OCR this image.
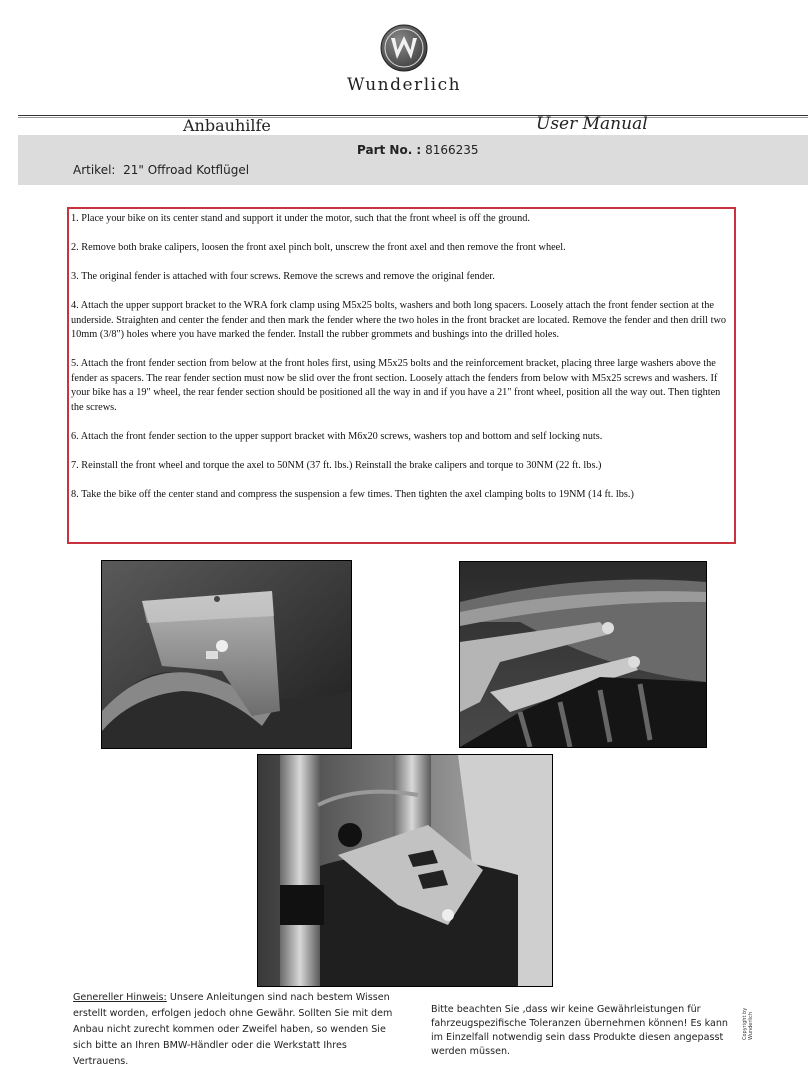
Wunderlich
Anbauhilfe	User Manual
Part No. : 8166235
Artikel: 21" Offroad Kotflügel

1. Place your bike on its center stand and support it under the motor, such that the front wheel is off the ground.

2. Remove both brake calipers, loosen the front axel pinch bolt, unscrew the front axel and then remove the front wheel.

3. The original fender is attached with four screws. Remove the screws and remove the original fender.

4. Attach the upper support bracket to the WRA fork clamp using M5x25 bolts, washers and both long spacers. Loosely attach the front fender section at the underside. Straighten and center the fender and then mark the fender where the two holes in the front bracket are located. Remove the fender and then drill two 10mm (3/8") holes where you have marked the fender. Install the rubber grommets and bushings into the drilled holes.

5. Attach the front fender section from below at the front holes first, using M5x25 bolts and the reinforcement bracket, placing three large washers above the fender as spacers. The rear fender section must now be slid over the front section. Loosely attach the fenders from below with M5x25 screws and washers. If your bike has a 19" wheel, the rear fender section should be positioned all the way in and if you have a 21" front wheel, position all the way out. Then tighten the screws.

6. Attach the front fender section to the upper support bracket with M6x20 screws, washers top and bottom and self locking nuts.

7. Reinstall the front wheel and torque the axel to 50NM (37 ft. lbs.) Reinstall the brake calipers and torque to 30NM (22 ft. lbs.)

8. Take the bike off the center stand and compress the suspension a few times. Then tighten the axel clamping bolts to 19NM (14 ft. lbs.)

Genereller Hinweis: Unsere Anleitungen sind nach bestem Wissen erstellt worden, erfolgen jedoch ohne Gewähr. Sollten Sie mit dem Anbau nicht zurecht kommen oder Zweifel haben, so wenden Sie sich bitte an Ihren BMW-Händler oder die Werkstatt Ihres Vertrauens.
Bitte beachten Sie ‚dass wir keine Gewährleistungen für fahrzeugspezifische Toleranzen übernehmen können! Es kann im Einzelfall notwendig sein dass Produkte diesen angepasst werden müssen.
Copyright by Wunderlich
